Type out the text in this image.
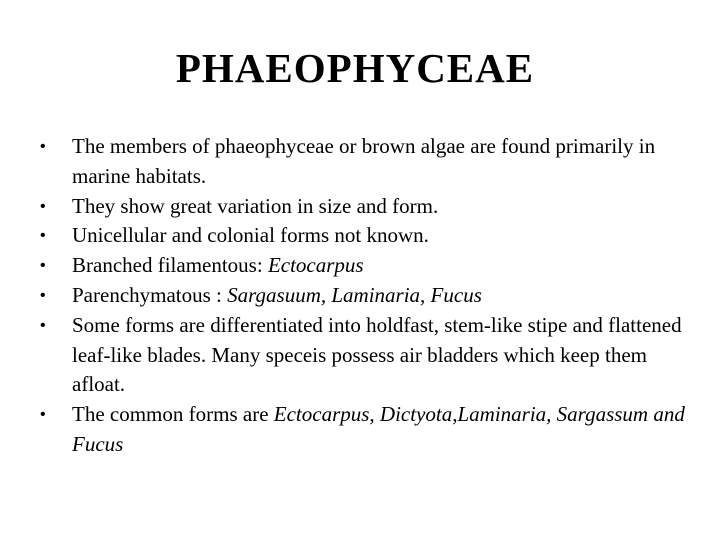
PHAEOPHYCEAE
• The members of phaeophyceae or brown algae are found primarily in marine habitats.
• They show great variation in size and form.
• Unicellular and colonial forms not known.
• Branched filamentous: Ectocarpus
• Parenchymatous : Sargasuum, Laminaria, Fucus
• Some forms are differentiated into holdfast, stem-like stipe and flattened leaf-like blades. Many speceis possess air bladders which keep them afloat.
• The common forms are Ectocarpus, Dictyota,Laminaria, Sargassum and Fucus
